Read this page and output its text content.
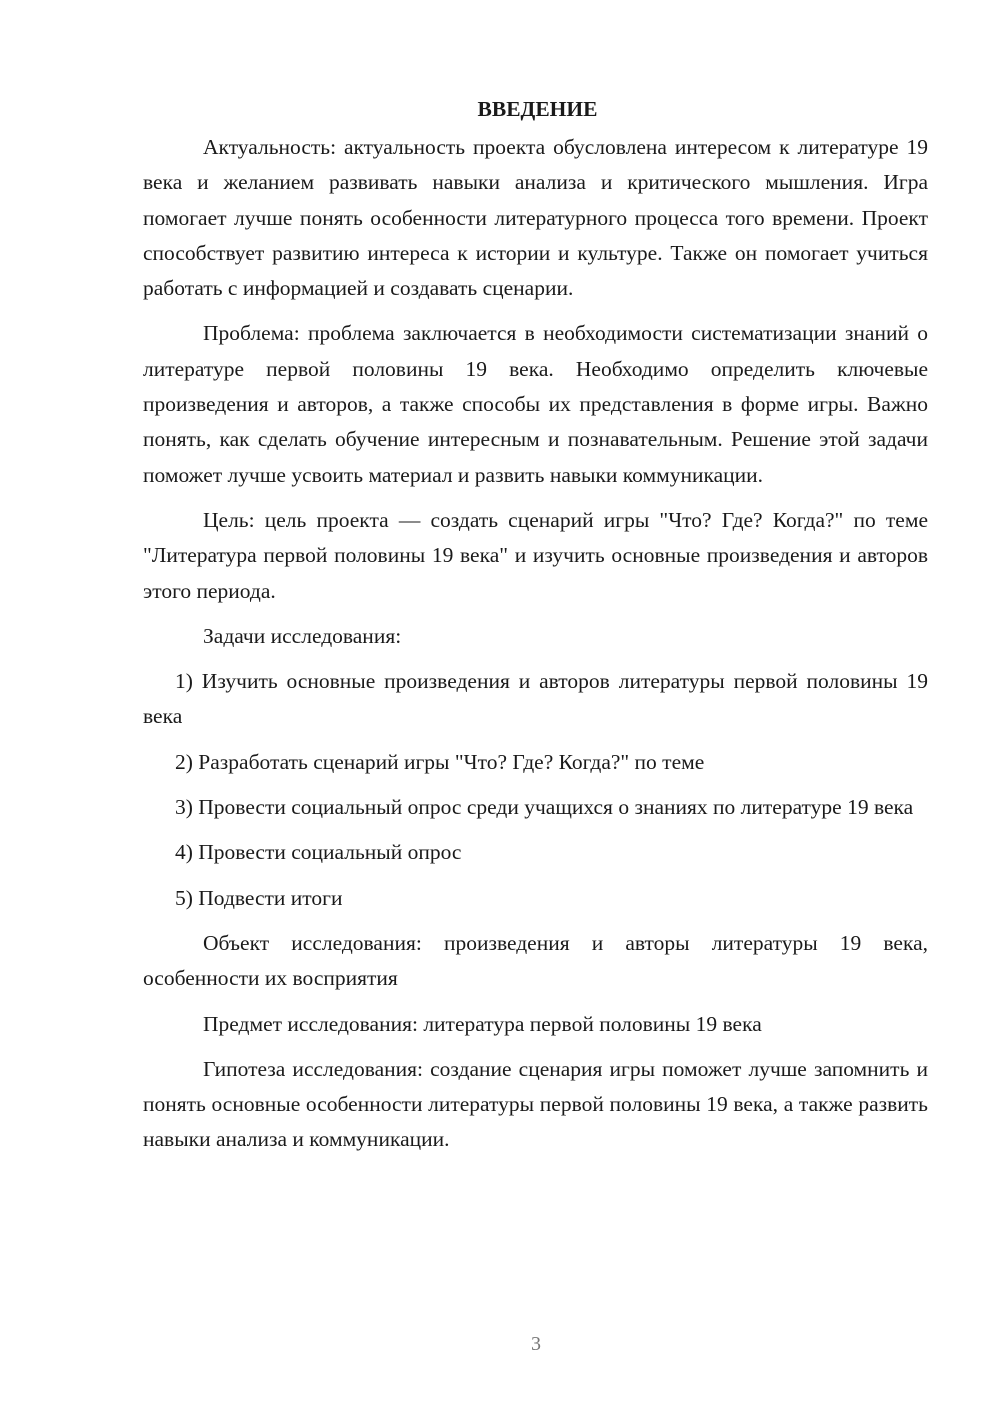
ВВЕДЕНИЕ

Актуальность: актуальность проекта обусловлена интересом к литературе 19 века и желанием развивать навыки анализа и критического мышления. Игра помогает лучше понять особенности литературного процесса того времени. Проект способствует развитию интереса к истории и культуре. Также он помогает учиться работать с информацией и создавать сценарии.

Проблема: проблема заключается в необходимости систематизации знаний о литературе первой половины 19 века. Необходимо определить ключевые произведения и авторов, а также способы их представления в форме игры. Важно понять, как сделать обучение интересным и познавательным. Решение этой задачи поможет лучше усвоить материал и развить навыки коммуникации.

Цель: цель проекта — создать сценарий игры "Что? Где? Когда?" по теме "Литература первой половины 19 века" и изучить основные произведения и авторов этого периода.

Задачи исследования:

1) Изучить основные произведения и авторов литературы первой половины 19 века

2) Разработать сценарий игры "Что? Где? Когда?" по теме

3) Провести социальный опрос среди учащихся о знаниях по литературе 19 века

4) Провести социальный опрос

5) Подвести итоги

Объект исследования: произведения и авторы литературы 19 века, особенности их восприятия

Предмет исследования: литература первой половины 19 века

Гипотеза исследования: создание сценария игры поможет лучше запомнить и понять основные особенности литературы первой половины 19 века, а также развить навыки анализа и коммуникации.

3
